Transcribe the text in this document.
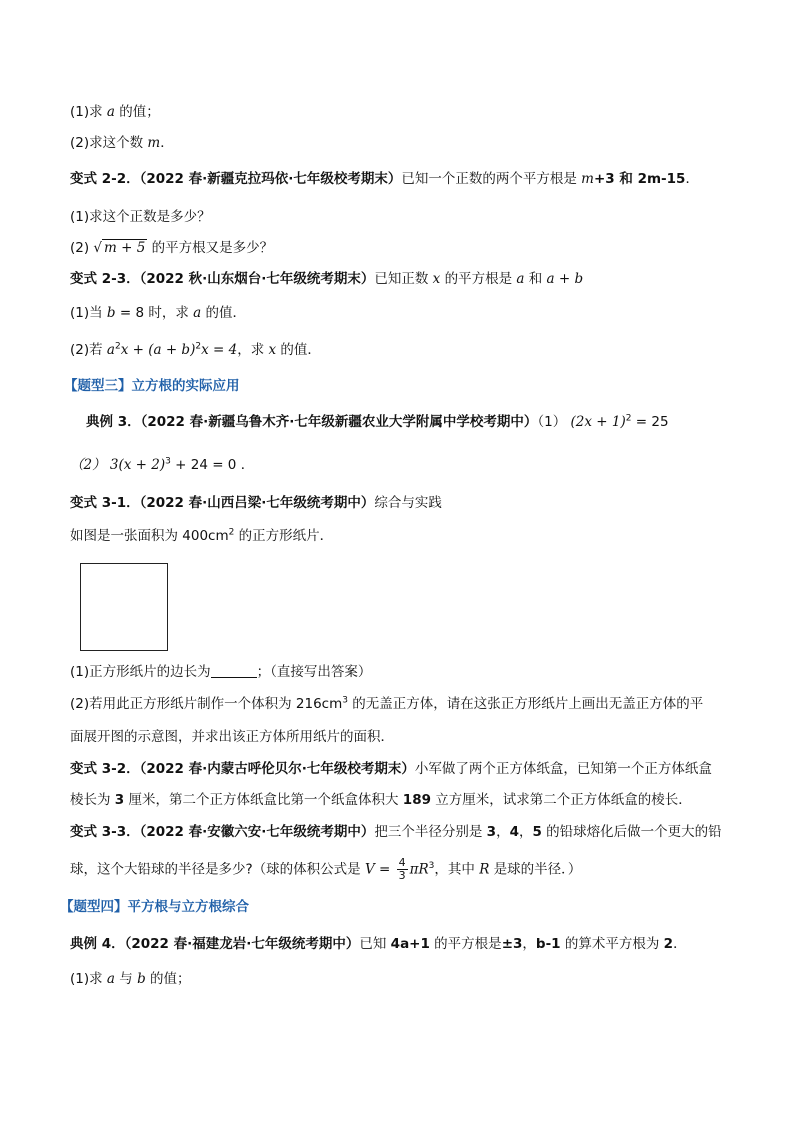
(1)求 a 的值；
(2)求这个数 m．
变式 2-2．（2022 春·新疆克拉玛依·七年级校考期末）已知一个正数的两个平方根是 m+3 和 2m-15．
(1)求这个正数是多少？
(2) √ m + 5 的平方根又是多少？
变式 2-3．（2022 秋·山东烟台·七年级统考期末）已知正数 x 的平方根是 a 和 a + b
(1)当 b = 8 时，求 a 的值．
(2)若 $a^2x + (a + b)^2x = 4$，求 x 的值．
【题型三】立方根的实际应用
典例 3．（2022 春·新疆乌鲁木齐·七年级新疆农业大学附属中学校考期中）（1） $(2x + 1)^2 = 25$
（2） $3(x + 2)^3 + 24 = 0$ ．
变式 3-1．（2022 春·山西吕梁·七年级统考期中）综合与实践
如图是一张面积为 $400cm^2$ 的正方形纸片．
(1)正方形纸片的边长为	；（直接写出答案）
(2)若用此正方形纸片制作一个体积为 $216cm^3$ 的无盖正方体，请在这张正方形纸片上画出无盖正方体的平
面展开图的示意图，并求出该正方体所用纸片的面积．
变式 3-2．（2022 春·内蒙古呼伦贝尔·七年级校考期末）小军做了两个正方体纸盒，已知第一个正方体纸盒
棱长为 3 厘米，第二个正方体纸盒比第一个纸盒体积大 189 立方厘米，试求第二个正方体纸盒的棱长．
变式 3-3．（2022 春·安徽六安·七年级统考期中）把三个半径分别是 3，4，5 的铅球熔化后做一个更大的铅
球，这个大铅球的半径是多少?（球的体积公式是 $V = \frac{4}{3} \pi R^3$，其中 R 是球的半径．）
【题型四】平方根与立方根综合
典例 4．（2022 春·福建龙岩·七年级统考期中）已知 4a+1 的平方根是±3，b-1 的算术平方根为 2．
(1)求 a 与 b 的值；
